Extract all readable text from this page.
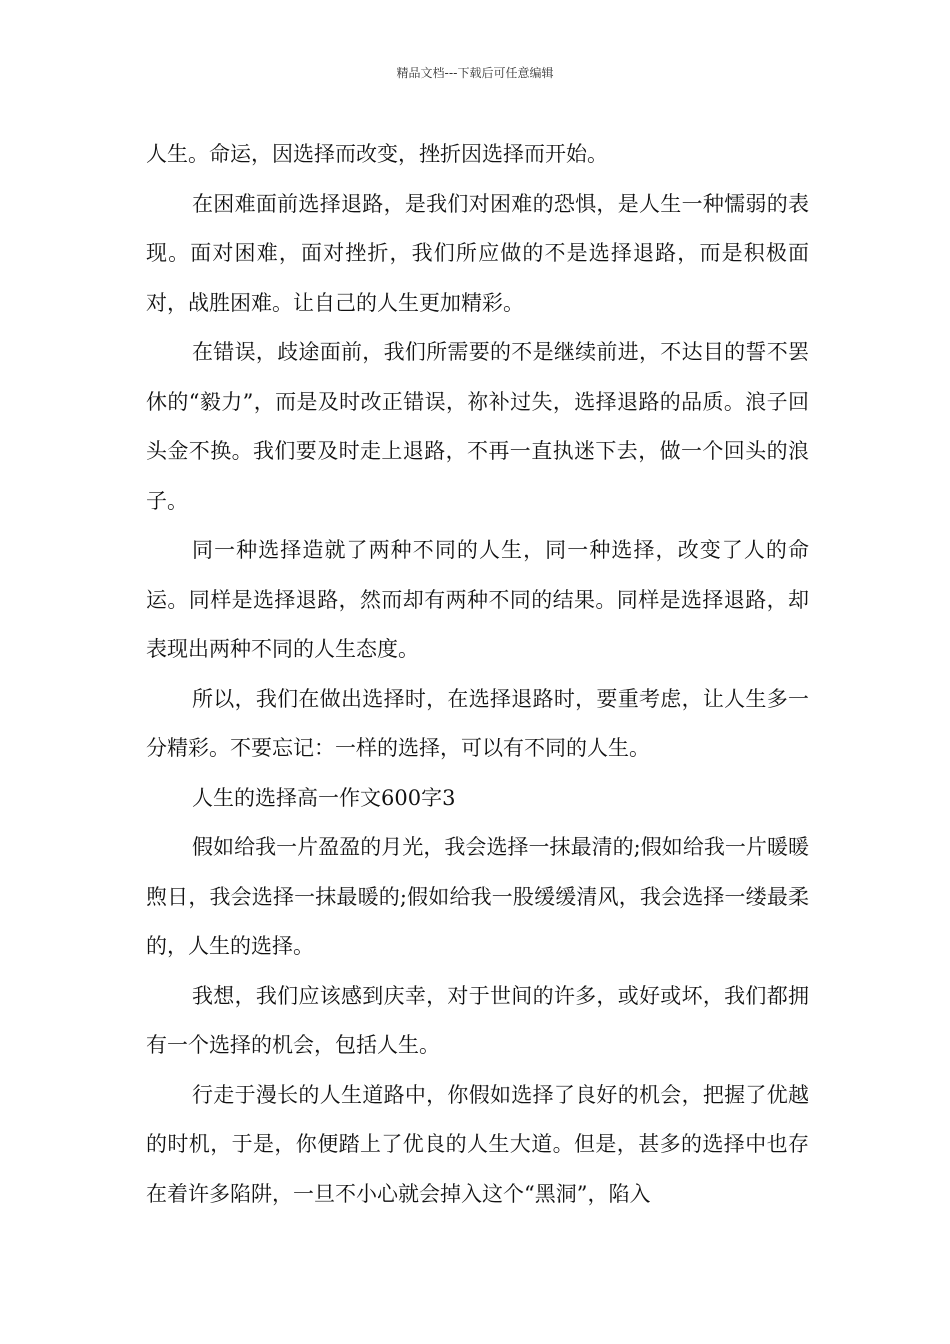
精品文档---下载后可任意编辑

人生。命运，因选择而改变，挫折因选择而开始。

在困难面前选择退路，是我们对困难的恐惧，是人生一种懦弱的表现。面对困难，面对挫折，我们所应做的不是选择退路，而是积极面对，战胜困难。让自己的人生更加精彩。

在错误，歧途面前，我们所需要的不是继续前进，不达目的誓不罢休的“毅力”，而是及时改正错误，祢补过失，选择退路的品质。浪子回头金不换。我们要及时走上退路，不再一直执迷下去，做一个回头的浪子。

同一种选择造就了两种不同的人生，同一种选择，改变了人的命运。同样是选择退路，然而却有两种不同的结果。同样是选择退路，却表现出两种不同的人生态度。

所以，我们在做出选择时，在选择退路时，要重考虑，让人生多一分精彩。不要忘记：一样的选择，可以有不同的人生。

人生的选择高一作文600字3

假如给我一片盈盈的月光，我会选择一抹最清的;假如给我一片暖暖煦日，我会选择一抹最暖的;假如给我一股缓缓清风，我会选择一缕最柔的，人生的选择。

我想，我们应该感到庆幸，对于世间的许多，或好或坏，我们都拥有一个选择的机会，包括人生。

行走于漫长的人生道路中，你假如选择了良好的机会，把握了优越的时机，于是，你便踏上了优良的人生大道。但是，甚多的选择中也存在着许多陷阱，一旦不小心就会掉入这个“黑洞”，陷入
